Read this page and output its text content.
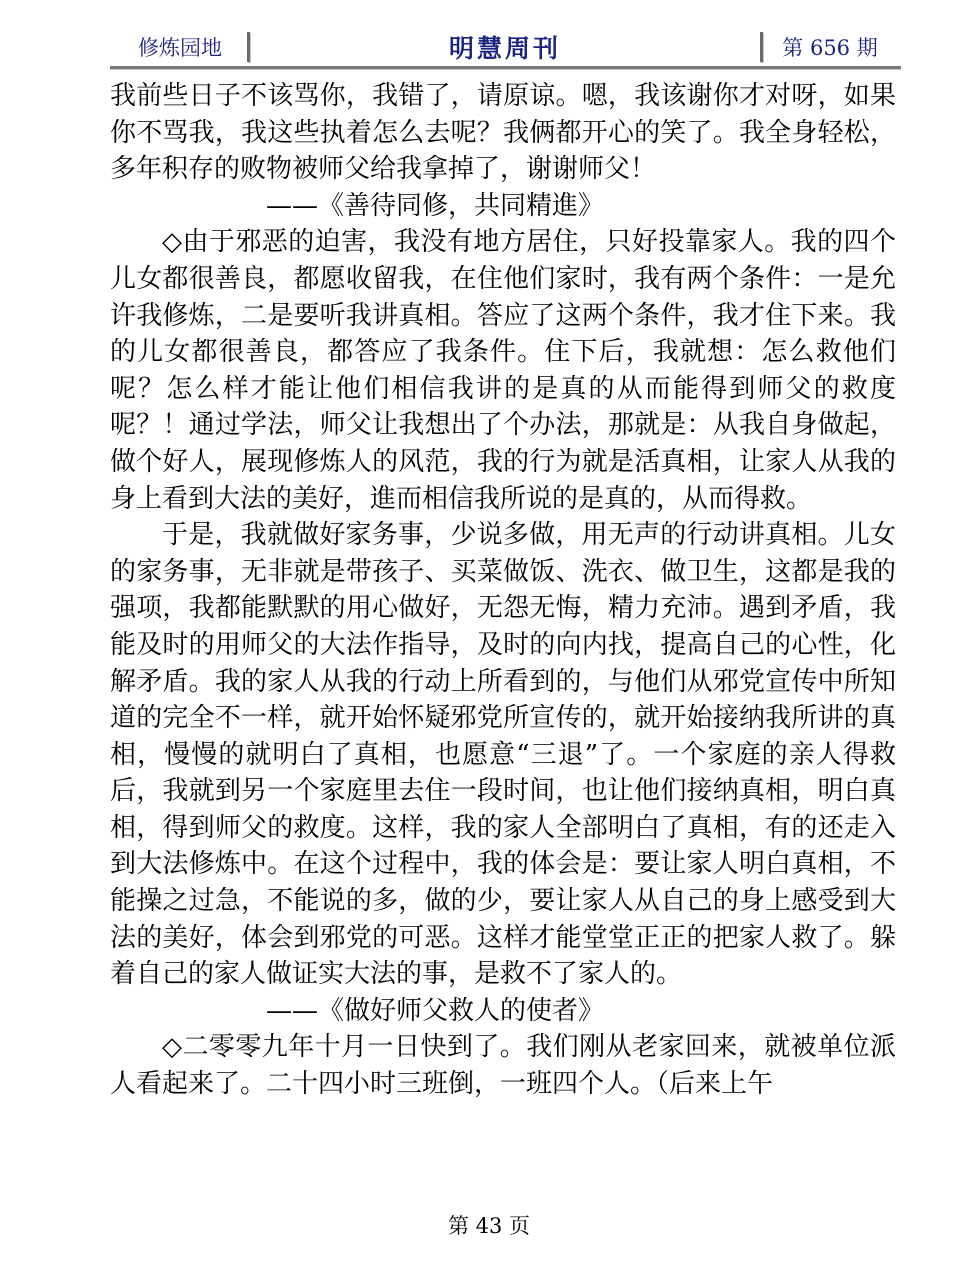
修炼园地	明慧周刊	第 656 期

我前些日子不该骂你，我错了，请原谅。嗯，我该谢你才对呀，如果你不骂我，我这些执着怎么去呢？我俩都开心的笑了。我全身轻松，多年积存的败物被师父给我拿掉了，谢谢师父！

——《善待同修，共同精進》

◇由于邪恶的迫害，我没有地方居住，只好投靠家人。我的四个儿女都很善良，都愿收留我，在住他们家时，我有两个条件：一是允许我修炼，二是要听我讲真相。答应了这两个条件，我才住下来。我的儿女都很善良，都答应了我条件。住下后，我就想：怎么救他们呢？怎么样才能让他们相信我讲的是真的从而能得到师父的救度呢？！通过学法，师父让我想出了个办法，那就是：从我自身做起，做个好人，展现修炼人的风范，我的行为就是活真相，让家人从我的身上看到大法的美好，進而相信我所说的是真的，从而得救。

于是，我就做好家务事，少说多做，用无声的行动讲真相。儿女的家务事，无非就是带孩子、买菜做饭、洗衣、做卫生，这都是我的强项，我都能默默的用心做好，无怨无悔，精力充沛。遇到矛盾，我能及时的用师父的大法作指导，及时的向内找，提高自己的心性，化解矛盾。我的家人从我的行动上所看到的，与他们从邪党宣传中所知道的完全不一样，就开始怀疑邪党所宣传的，就开始接纳我所讲的真相，慢慢的就明白了真相，也愿意“三退”了。一个家庭的亲人得救后，我就到另一个家庭里去住一段时间，也让他们接纳真相，明白真相，得到师父的救度。这样，我的家人全部明白了真相，有的还走入到大法修炼中。在这个过程中，我的体会是：要让家人明白真相，不能操之过急，不能说的多，做的少，要让家人从自己的身上感受到大法的美好，体会到邪党的可恶。这样才能堂堂正正的把家人救了。躲着自己的家人做证实大法的事，是救不了家人的。

——《做好师父救人的使者》

◇二零零九年十月一日快到了。我们刚从老家回来，就被单位派人看起来了。二十四小时三班倒，一班四个人。（后来上午

第 43 页
